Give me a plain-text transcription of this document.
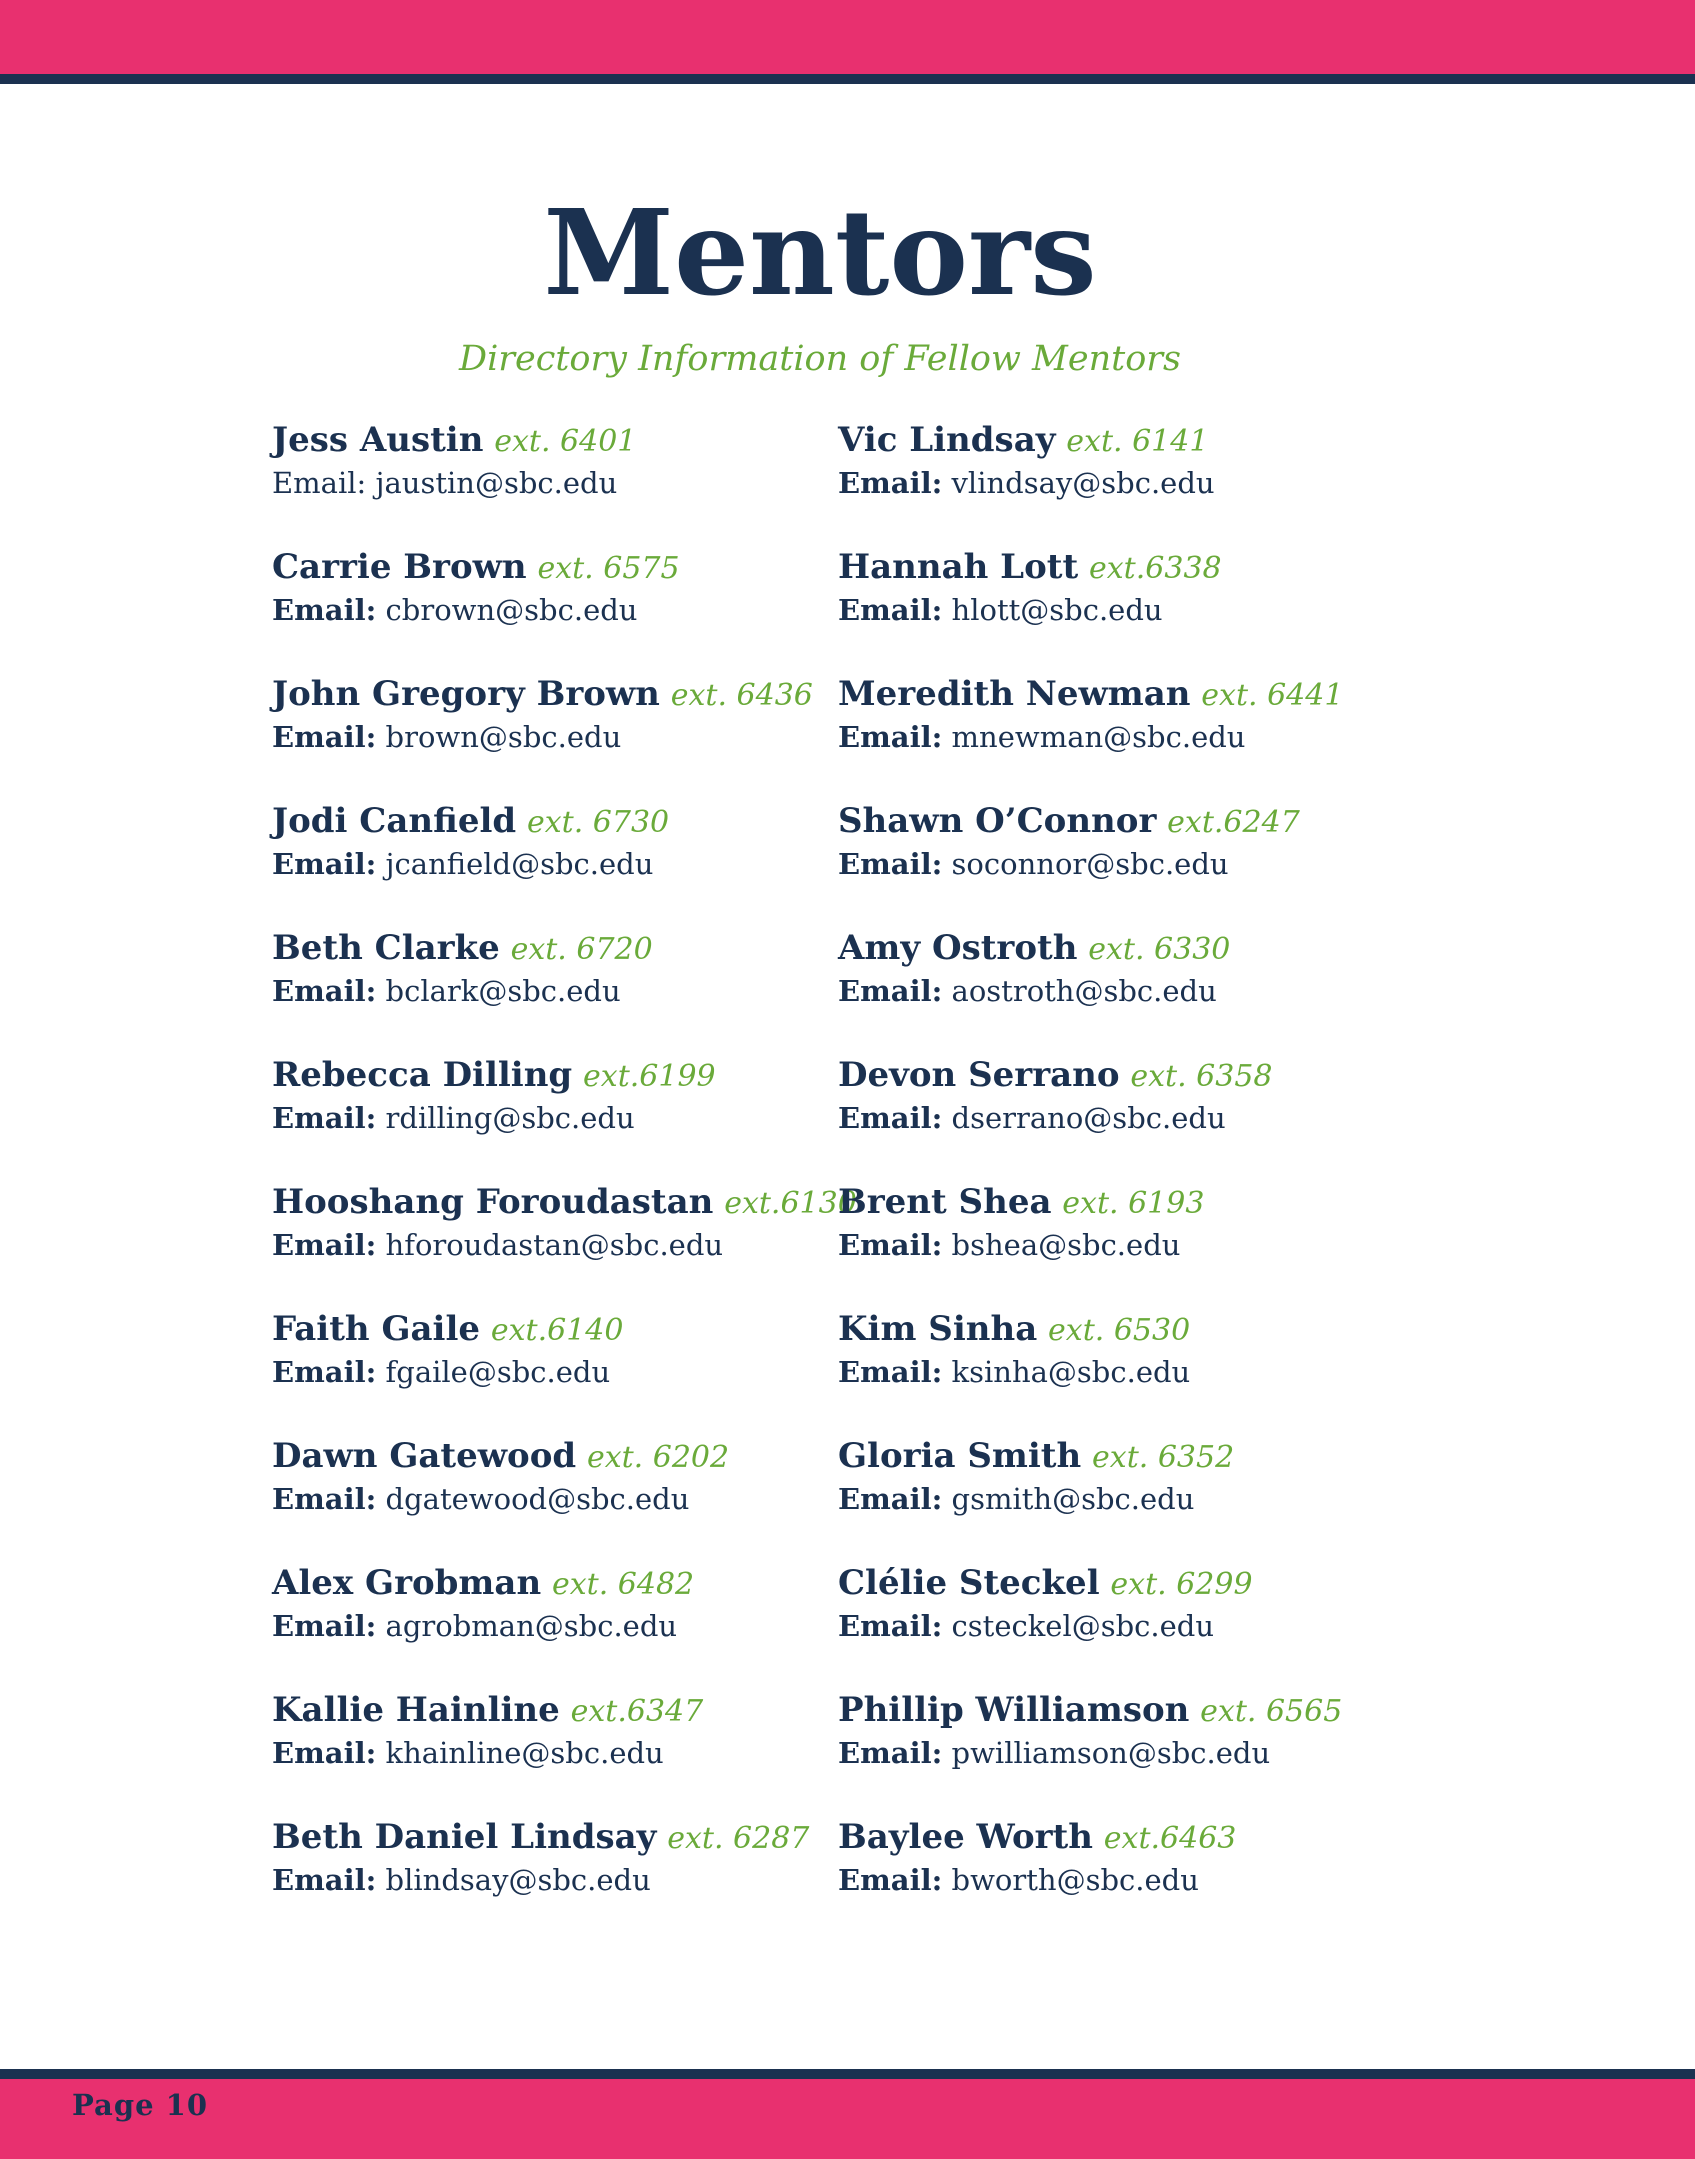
Mentors
Directory Information of Fellow Mentors
Jess Austin ext. 6401
Email: jaustin@sbc.edu
Carrie Brown ext. 6575
Email: cbrown@sbc.edu
John Gregory Brown ext. 6436
Email: brown@sbc.edu
Jodi Canfield ext. 6730
Email: jcanfield@sbc.edu
Beth Clarke ext. 6720
Email: bclark@sbc.edu
Rebecca Dilling ext.6199
Email: rdilling@sbc.edu
Hooshang Foroudastan ext.6130
Email: hforoudastan@sbc.edu
Faith Gaile ext.6140
Email: fgaile@sbc.edu
Dawn Gatewood ext. 6202
Email: dgatewood@sbc.edu
Alex Grobman ext. 6482
Email: agrobman@sbc.edu
Kallie Hainline ext.6347
Email: khainline@sbc.edu
Beth Daniel Lindsay ext. 6287
Email: blindsay@sbc.edu
Vic Lindsay ext. 6141
Email: vlindsay@sbc.edu
Hannah Lott ext.6338
Email: hlott@sbc.edu
Meredith Newman ext. 6441
Email: mnewman@sbc.edu
Shawn O’Connor ext.6247
Email: soconnor@sbc.edu
Amy Ostroth ext. 6330
Email: aostroth@sbc.edu
Devon Serrano ext. 6358
Email: dserrano@sbc.edu
Brent Shea ext. 6193
Email: bshea@sbc.edu
Kim Sinha ext. 6530
Email: ksinha@sbc.edu
Gloria Smith ext. 6352
Email: gsmith@sbc.edu
Clélie Steckel ext. 6299
Email: csteckel@sbc.edu
Phillip Williamson ext. 6565
Email: pwilliamson@sbc.edu
Baylee Worth ext.6463
Email: bworth@sbc.edu
Page 10
